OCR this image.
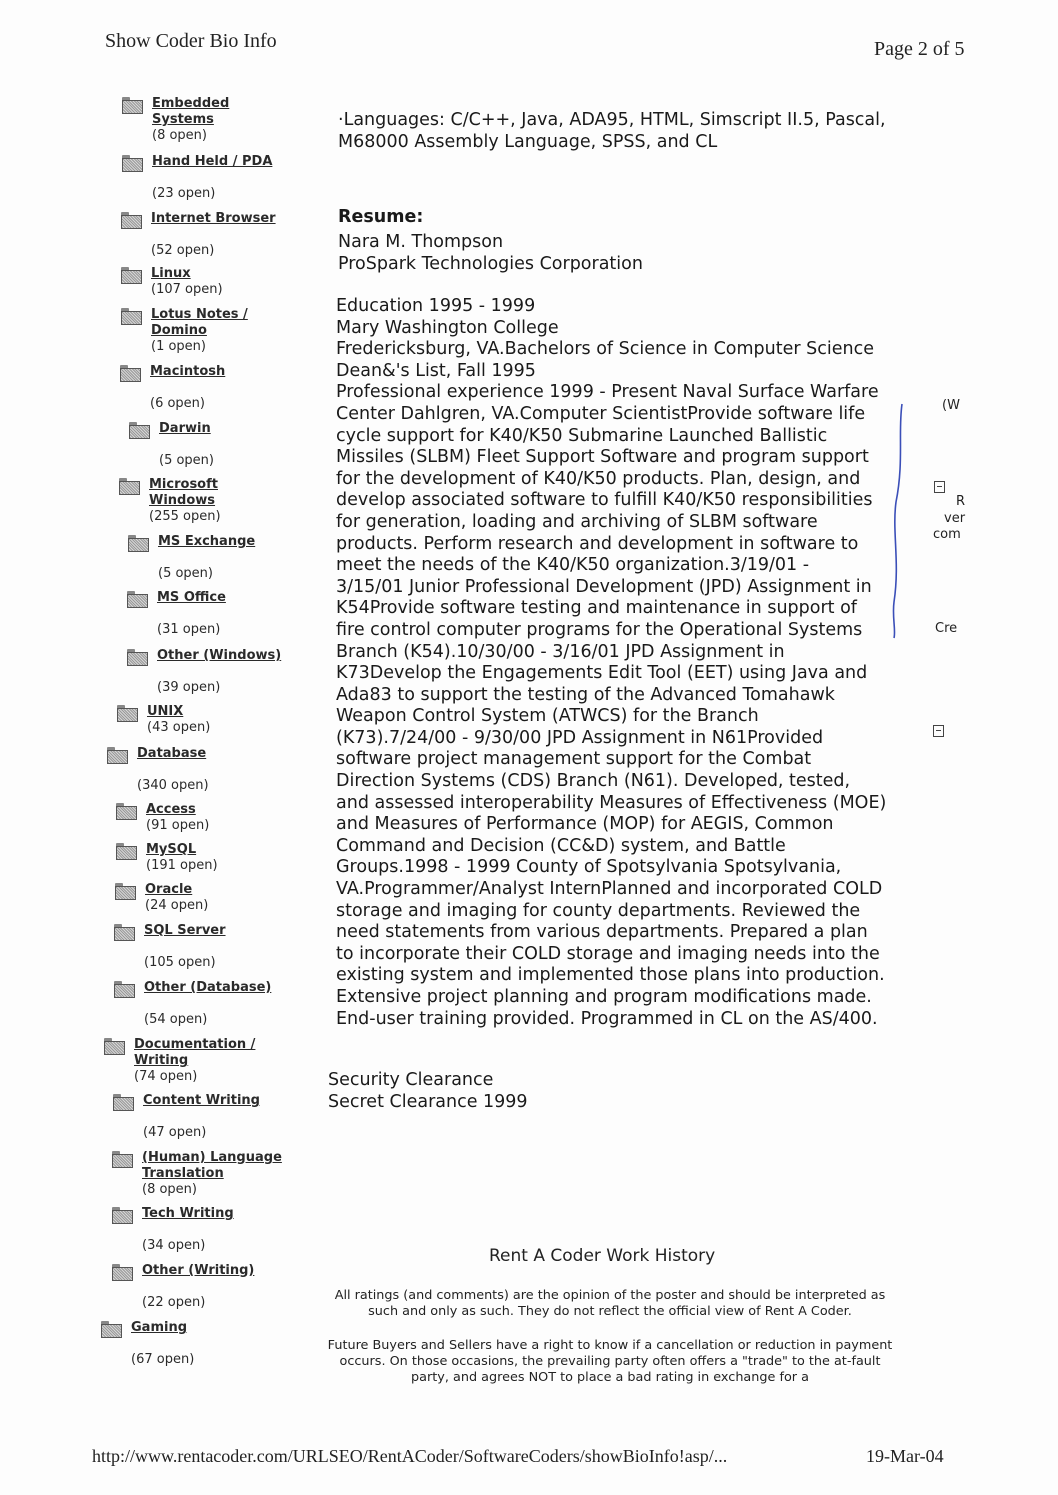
Show Coder Bio Info	Page 2 of 5
Embedded
Systems
(8 open)
Hand Held / PDA
(23 open)
Internet Browser
(52 open)
Linux
(107 open)
Lotus Notes /
Domino
(1 open)
Macintosh
(6 open)
Darwin
(5 open)
Microsoft
Windows
(255 open)
MS Exchange
(5 open)
MS Office
(31 open)
Other (Windows)
(39 open)
UNIX
(43 open)
Database
(340 open)
Access
(91 open)
MySQL
(191 open)
Oracle
(24 open)
SQL Server
(105 open)
Other (Database)
(54 open)
Documentation /
Writing
(74 open)
Content Writing
(47 open)
(Human) Language
Translation
(8 open)
Tech Writing
(34 open)
Other (Writing)
(22 open)
Gaming
(67 open)
·Languages: C/C++, Java, ADA95, HTML, Simscript II.5, Pascal, M68000 Assembly Language, SPSS, and CL
Resume:
Nara M. Thompson
ProSpark Technologies Corporation

Education 1995 - 1999

Mary Washington College

Fredericksburg, VA.Bachelors of Science in Computer Science

Dean&'s List, Fall 1995

Professional experience 1999 - Present Naval Surface Warfare

Center Dahlgren, VA.Computer ScientistProvide software life

cycle support for K40/K50 Submarine Launched Ballistic

Missiles (SLBM) Fleet Support Software and program support

for the development of K40/K50 products. Plan, design, and

develop associated software to fulfill K40/K50 responsibilities

for generation, loading and archiving of SLBM software

products. Perform research and development in software to

meet the needs of the K40/K50 organization.3/19/01 -

3/15/01 Junior Professional Development (JPD) Assignment in

K54Provide software testing and maintenance in support of

fire control computer programs for the Operational Systems

Branch (K54).10/30/00 - 3/16/01 JPD Assignment in

K73Develop the Engagements Edit Tool (EET) using Java and

Ada83 to support the testing of the Advanced Tomahawk

Weapon Control System (ATWCS) for the Branch

(K73).7/24/00 - 9/30/00 JPD Assignment in N61Provided

software project management support for the Combat

Direction Systems (CDS) Branch (N61). Developed, tested,

and assessed interoperability Measures of Effectiveness (MOE)

and Measures of Performance (MOP) for AEGIS, Common

Command and Decision (CC&D) system, and Battle

Groups.1998 - 1999 County of Spotsylvania Spotsylvania,

VA.Programmer/Analyst InternPlanned and incorporated COLD

storage and imaging for county departments. Reviewed the

need statements from various departments. Prepared a plan

to incorporate their COLD storage and imaging needs into the

existing system and implemented those plans into production.

Extensive project planning and program modifications made.

End-user training provided. Programmed in CL on the AS/400.

Security Clearance
Secret Clearance 1999
Rent A Coder Work History
All ratings (and comments) are the opinion of the poster and should be interpreted as such and only as such. They do not reflect the official view of Rent A Coder.
Future Buyers and Sellers have a right to know if a cancellation or reduction in payment occurs. On those occasions, the prevailing party often offers a "trade" to the at-fault party, and agrees NOT to place a bad rating in exchange for a
(W
R
ver
com
Cre
http://www.rentacoder.com/URLSEO/RentACoder/SoftwareCoders/showBioInfo!asp/...	19-Mar-04
